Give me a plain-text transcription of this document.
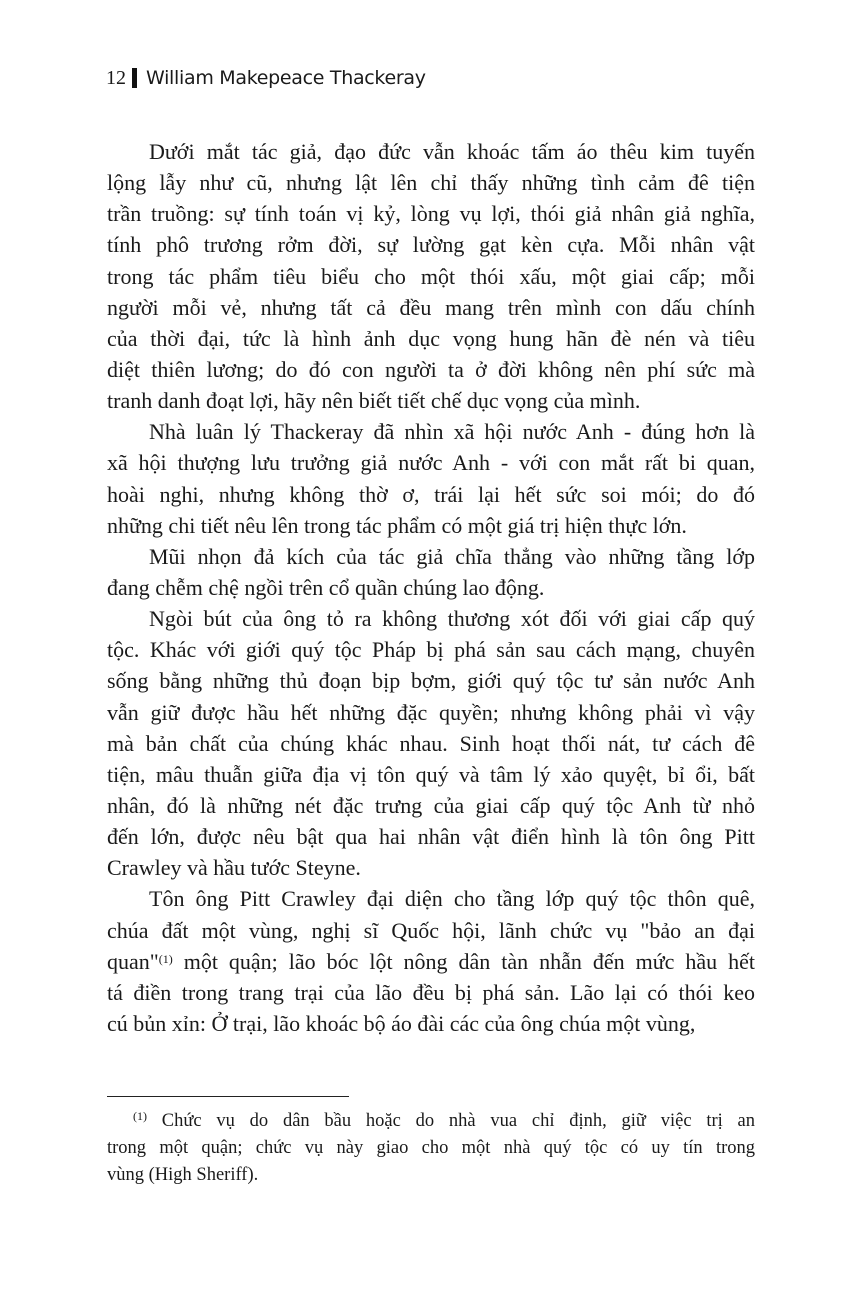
12 William Makepeace Thackeray
Dưới mắt tác giả, đạo đức vẫn khoác tấm áo thêu kim tuyến
lộng lẫy như cũ, nhưng lật lên chỉ thấy những tình cảm đê tiện
trần truồng: sự tính toán vị kỷ, lòng vụ lợi, thói giả nhân giả nghĩa,
tính phô trương rởm đời, sự lường gạt kèn cựa. Mỗi nhân vật
trong tác phẩm tiêu biểu cho một thói xấu, một giai cấp; mỗi
người mỗi vẻ, nhưng tất cả đều mang trên mình con dấu chính
của thời đại, tức là hình ảnh dục vọng hung hãn đè nén và tiêu
diệt thiên lương; do đó con người ta ở đời không nên phí sức mà
tranh danh đoạt lợi, hãy nên biết tiết chế dục vọng của mình.
Nhà luân lý Thackeray đã nhìn xã hội nước Anh - đúng hơn là
xã hội thượng lưu trưởng giả nước Anh - với con mắt rất bi quan,
hoài nghi, nhưng không thờ ơ, trái lại hết sức soi mói; do đó
những chi tiết nêu lên trong tác phẩm có một giá trị hiện thực lớn.
Mũi nhọn đả kích của tác giả chĩa thẳng vào những tầng lớp
đang chễm chệ ngồi trên cổ quần chúng lao động.
Ngòi bút của ông tỏ ra không thương xót đối với giai cấp quý
tộc. Khác với giới quý tộc Pháp bị phá sản sau cách mạng, chuyên
sống bằng những thủ đoạn bịp bợm, giới quý tộc tư sản nước Anh
vẫn giữ được hầu hết những đặc quyền; nhưng không phải vì vậy
mà bản chất của chúng khác nhau. Sinh hoạt thối nát, tư cách đê
tiện, mâu thuẫn giữa địa vị tôn quý và tâm lý xảo quyệt, bỉ ổi, bất
nhân, đó là những nét đặc trưng của giai cấp quý tộc Anh từ nhỏ
đến lớn, được nêu bật qua hai nhân vật điển hình là tôn ông Pitt
Crawley và hầu tước Steyne.
Tôn ông Pitt Crawley đại diện cho tầng lớp quý tộc thôn quê,
chúa đất một vùng, nghị sĩ Quốc hội, lãnh chức vụ "bảo an đại
quan"$^{(1)}$ một quận; lão bóc lột nông dân tàn nhẫn đến mức hầu hết
tá điền trong trang trại của lão đều bị phá sản. Lão lại có thói keo
cú bủn xỉn: Ở trại, lão khoác bộ áo đài các của ông chúa một vùng,
$^{(1)}$ Chức vụ do dân bầu hoặc do nhà vua chỉ định, giữ việc trị an
trong một quận; chức vụ này giao cho một nhà quý tộc có uy tín trong
vùng (High Sheriff).
